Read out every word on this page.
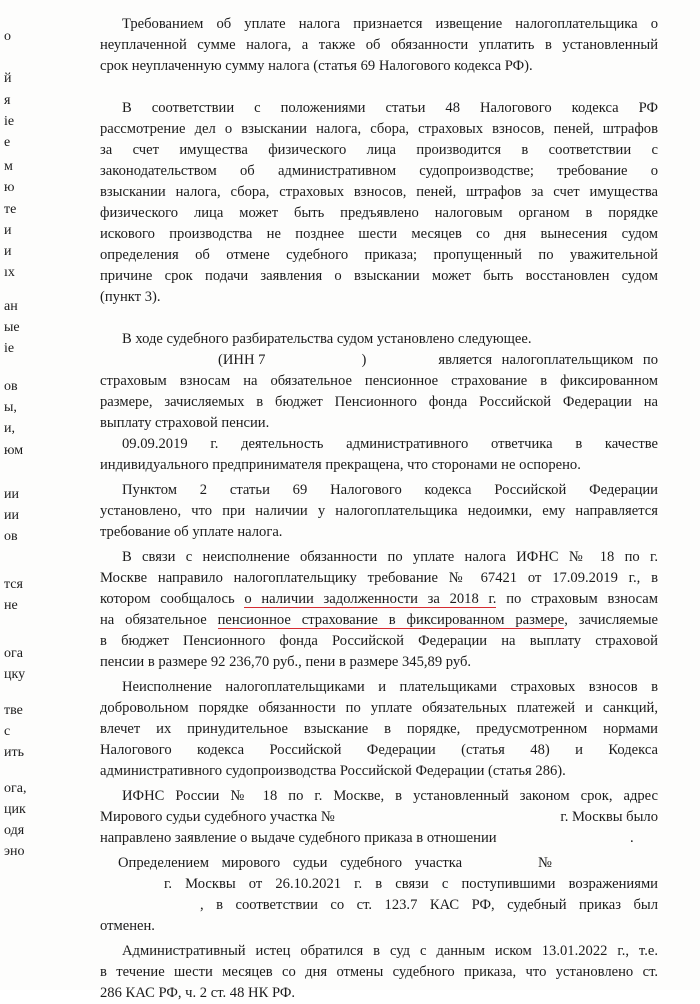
о
й
я
іе
е
м
ю
те
и
и
ıх
ан
ые
іе
ов
ы,
и,
юм
ии
ии
ов
тся
не
ога
цку
тве
с
ить
ога,
цик
одя
эно

Требованием об уплате налога признается извещение налогоплательщика о

неуплаченной сумме налога, а также об обязанности уплатить в установленный

срок неуплаченную сумму налога (статья 69 Налогового кодекса РФ).

В соответствии с положениями статьи 48 Налогового кодекса РФ

рассмотрение дел о взыскании налога, сбора, страховых взносов, пеней, штрафов

за счет имущества физического лица производится в соответствии с

законодательством об административном судопроизводстве; требование о

взыскании налога, сбора, страховых взносов, пеней, штрафов за счет имущества

физического лица может быть предъявлено налоговым органом в порядке

искового производства не позднее шести месяцев со дня вынесения судом

определения об отмене судебного приказа; пропущенный по уважительной

причине срок подачи заявления о взыскании может быть восстановлен судом

(пункт 3).

В ходе судебного разбирательства судом установлено следующее.

(ИНН 7	)	является налогоплательщиком по

страховым взносам на обязательное пенсионное страхование в фиксированном

размере, зачисляемых в бюджет Пенсионного фонда Российской Федерации на

выплату страховой пенсии.

09.09.2019 г. деятельность административного ответчика в качестве

индивидуального предпринимателя прекращена, что сторонами не оспорено.

Пунктом 2 статьи 69 Налогового кодекса Российской Федерации

установлено, что при наличии у налогоплательщика недоимки, ему направляется

требование об уплате налога.

В связи с неисполнение обязанности по уплате налога ИФНС № 18 по г.

Москве направило налогоплательщику требование № 67421 от 17.09.2019 г., в

котором сообщалось о наличии задолженности за 2018 г. по страховым взносам

на обязательное пенсионное страхование в фиксированном размере, зачисляемые

в бюджет Пенсионного фонда Российской Федерации на выплату страховой

пенсии в размере 92 236,70 руб., пени в размере 345,89 руб.

Неисполнение налогоплательщиками и плательщиками страховых взносов в

добровольном порядке обязанности по уплате обязательных платежей и санкций,

влечет их принудительное взыскание в порядке, предусмотренном нормами

Налогового кодекса Российской Федерации (статья 48) и Кодекса

административного судопроизводства Российской Федерации (статья 286).

ИФНС России № 18 по г. Москве, в установленный законом срок, адрес

Мирового судьи судебного участка №	г. Москвы было

направлено заявление о выдаче судебного приказа в отношении	.

Определением мирового судьи судебного участка	№

г. Москвы от 26.10.2021 г. в связи с поступившими возражениями

, в соответствии со ст. 123.7 КАС РФ, судебный приказ был

отменен.

Административный истец обратился в суд с данным иском 13.01.2022 г., т.е.

в течение шести месяцев со дня отмены судебного приказа, что установлено ст.

286 КАС РФ, ч. 2 ст. 48 НК РФ.
